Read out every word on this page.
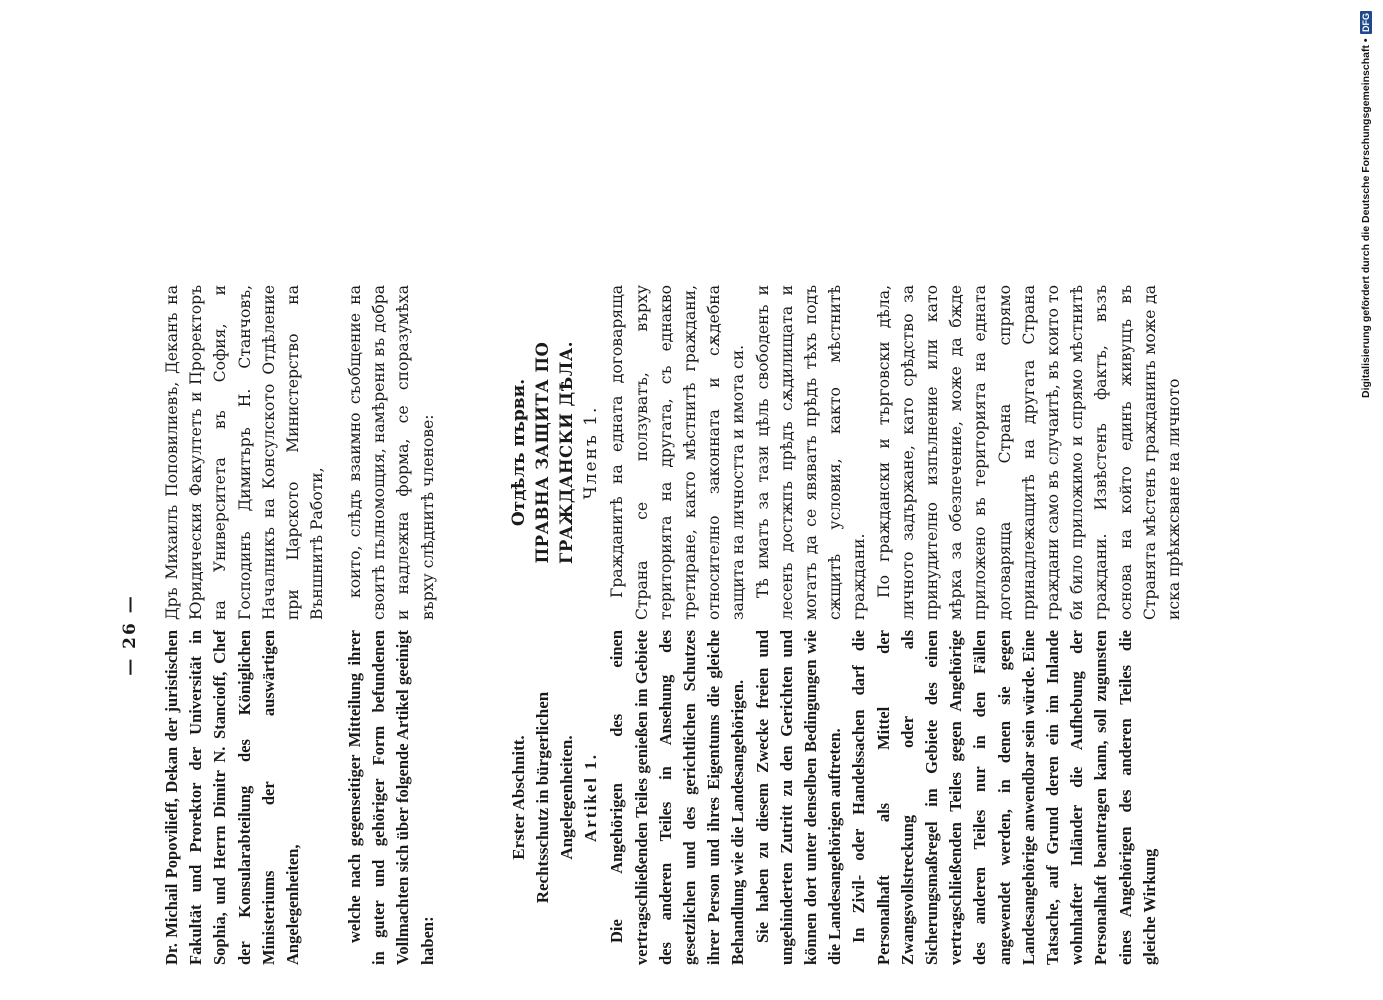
— 26 — Dr. Michail Popovilieff, Dekan der juristischen Fakultät und Prorektor der Universität in Sophia, und Herrn Dimitr N. Stancioff, Chef der Konsularabteilung des Königlichen Ministeriums der auswärtigen Angelegenheiten,	welche nach gegenseitiger Mitteilung ihrer in guter und gehöriger Form befundenen Vollmachten sich über folgende Artikel geeinigt haben:

Erster Abschnitt. Rechtsschutz in bürgerlichen Angelegenheiten. Artikel 1. Die Angehörigen des einen vertragschließenden Teiles genießen im Gebiete des anderen Teiles in Ansehung des gesetzlichen und des gerichtlichen Schutzes ihrer Person und ihres Eigentums die gleiche Behandlung wie die Landesangehörigen. Sie haben zu diesem Zwecke freien und ungehinderten Zutritt zu den Gerichten und können dort unter denselben Bedingungen wie die Landesangehörigen auftreten. In Zivil- oder Handelssachen darf die Personalhaft als Mittel der Zwangsvollstreckung oder als Sicherungsmaßregel im Gebiete des einen vertragschließenden Teiles gegen Angehörige des anderen Teiles nur in den Fällen angewendet werden, in denen sie gegen Landesangehörige anwendbar sein würde. Eine Tatsache, auf Grund deren ein im Inlande wohnhafter Inländer die Aufhebung der Personalhaft beantragen kann, soll zugunsten eines Angehörigen des anderen Teiles die gleiche Wirkung

Дръ Михаилъ Поповилиевъ, Деканъ на Юридическия Факултетъ и Проректоръ на Университета въ София, и Господинъ Димитъръ Н. Станчовъ, Началникъ на Консулското Отдѣление при Царското Министерство на Външнитѣ Работи, които, слѣдъ взаимно съобщение на своитѣ пълномощия, намѣрени въ добра и надлежна форма, се споразумѣха върху слѣднитѣ членове:	Отдѣлъ първи. ПРАВНА ЗАЩИТА ПО ГРАЖДАНСКИ ДѢЛА. Членъ 1. Гражданитѣ на едната договаряща Страна се ползуватъ, върху територията на другата, съ еднакво третиране, както мѣстнитѣ граждани, относително законната и сѫдебна защита на личността и имота си. Тѣ иматъ за тази цѣль свободенъ и лесенъ достжпъ прѣдъ сѫдилищата и могатъ да се явяватъ прѣдъ тѣхъ подъ сжщитѣ условия, както мѣстнитѣ граждани. По граждански и търговски дѣла, личното задържане, като срѣдство за принудително изпълнение или като мѣрка за обезпечение, може да бжде приложено въ територията на едната договаряща Страна спрямо принадлежащитѣ на другата Страна граждани само въ случаитѣ, въ които то би било приложимо и спрямо мѣстнитѣ граждани. Извѣстенъ фактъ, възъ основа на който единъ живущъ въ Странята мѣстенъ гражданинъ може да иска прѣкжсване на личното

Digitalisierung gefördert durch die Deutsche Forschungsgemeinschaft •
DFG
